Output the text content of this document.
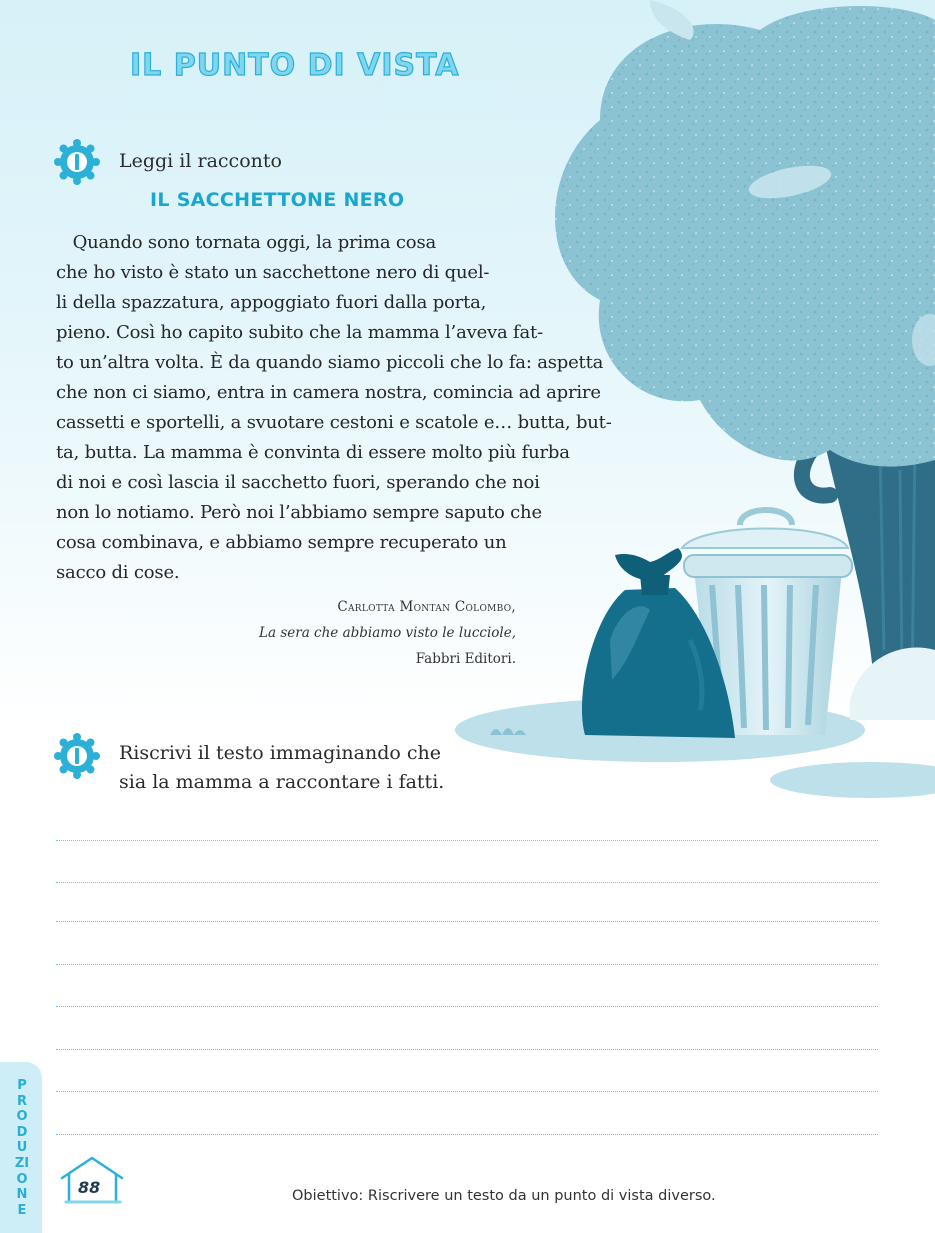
IL PUNTO DI VISTA
Leggi il racconto
IL SACCHETTONE NERO
Quando sono tornata oggi, la prima cosa
che ho visto è stato un sacchettone nero di quel-
li della spazzatura, appoggiato fuori dalla porta,
pieno. Così ho capito subito che la mamma l’aveva fat-
to un’altra volta. È da quando siamo piccoli che lo fa: aspetta
che non ci siamo, entra in camera nostra, comincia ad aprire
cassetti e sportelli, a svuotare cestoni e scatole e… butta, but-
ta, butta. La mamma è convinta di essere molto più furba
di noi e così lascia il sacchetto fuori, sperando che noi
non lo notiamo. Però noi l’abbiamo sempre saputo che
cosa combinava, e abbiamo sempre recuperato un
sacco di cose.
Carlotta Montan Colombo,
La sera che abbiamo visto le lucciole,
Fabbri Editori.
Riscrivi il testo immaginando che
sia la mamma a raccontare i fatti.
PRODUZIONE
88	Obiettivo: Riscrivere un testo da un punto di vista diverso.
